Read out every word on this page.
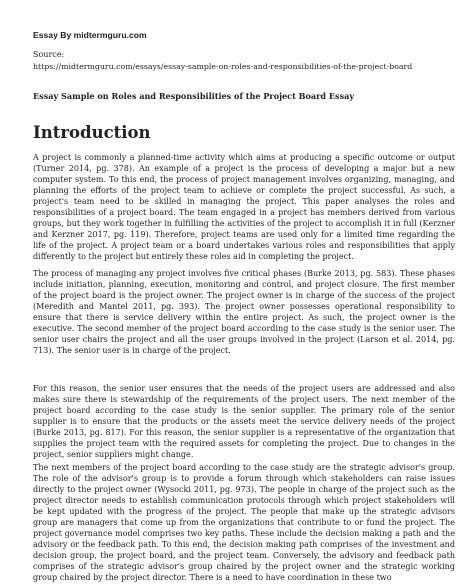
Essay By midtermguru.com
Source:
https://midtermguru.com/essays/essay-sample-on-roles-and-responsibilities-of-the-project-board
Essay Sample on Roles and Responsibilities of the Project Board Essay
Introduction
A project is commonly a planned-time activity which aims at producing a specific outcome or output (Turner 2014, pg. 378). An example of a project is the process of developing a major but a new computer system. To this end, the process of project management involves organizing, managing, and planning the efforts of the project team to achieve or complete the project successful. As such, a project's team need to be skilled in managing the project. This paper analyses the roles and responsibilities of a project board. The team engaged in a project has members derived from various groups, but they work together in fulfilling the activities of the project to accomplish it in full (Kerzner and Kerzner 2017, pg. 119). Therefore, project teams are used only for a limited time regarding the life of the project. A project team or a board undertakes various roles and responsibilities that apply differently to the project but entirely these roles aid in completing the project.
The process of managing any project involves five critical phases (Burke 2013, pg. 583). These phases include initiation, planning, execution, monitoring and control, and project closure. The first member of the project board is the project owner. The project owner is in charge of the success of the project (Meredith and Mantel 2011, pg. 393). The project owner possesses operational responsibility to ensure that there is service delivery within the entire project. As such, the project owner is the executive. The second member of the project board according to the case study is the senior user. The senior user chairs the project and all the user groups involved in the project (Larson et al. 2014, pg. 713). The senior user is in charge of the project.
For this reason, the senior user ensures that the needs of the project users are addressed and also makes sure there is stewardship of the requirements of the project users. The next member of the project board according to the case study is the senior supplier. The primary role of the senior supplier is to ensure that the products or the assets meet the service delivery needs of the project (Burke 2013, pg. 817). For this reason, the senior supplier is a representative of the organization that supplies the project team with the required assets for completing the project. Due to changes in the project, senior suppliers might change.
The next members of the project board according to the case study are the strategic advisor's group. The role of the advisor's group is to provide a forum through which stakeholders can raise issues directly to the project owner (Wysocki 2011, pg. 973). The people in charge of the project such as the project director needs to establish communication protocols through which project stakeholders will be kept updated with the progress of the project. The people that make up the strategic advisors group are managers that come up from the organizations that contribute to or fund the project. The project governance model comprises two key paths. These include the decision making a path and the advisory or the feedback path. To this end, the decision making path comprises of the investment and decision group, the project board, and the project team. Conversely, the advisory and feedback path comprises of the strategic advisor's group chaired by the project owner and the strategic working group chaired by the project director. There is a need to have coordination in these two
